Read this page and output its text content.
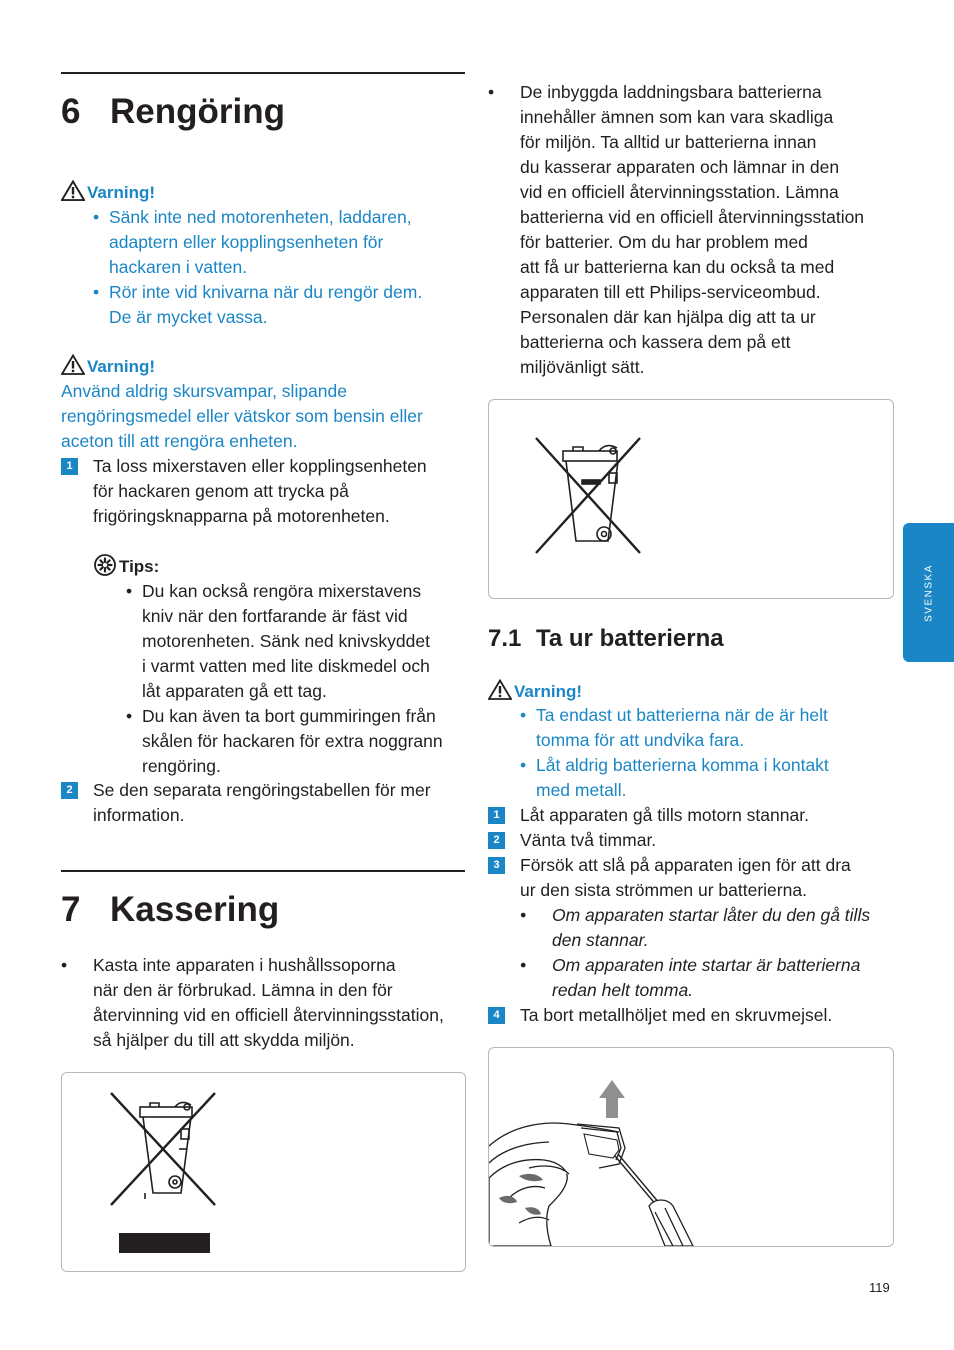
6 Rengöring
Varning!
• Sänk inte ned motorenheten, laddaren,
adaptern eller kopplingsenheten för
hackaren i vatten.
• Rör inte vid knivarna när du rengör dem.
De är mycket vassa.
Varning!
Använd aldrig skursvampar, slipande
rengöringsmedel eller vätskor som bensin eller
aceton till att rengöra enheten.
1	Ta loss mixerstaven eller kopplingsenheten
för hackaren genom att trycka på
frigöringsknapparna på motorenheten.
Tips:
• Du kan också rengöra mixerstavens
kniv när den fortfarande är fäst vid
motorenheten. Sänk ned knivskyddet
i varmt vatten med lite diskmedel och
låt apparaten gå ett tag.
• Du kan även ta bort gummiringen från
skålen för hackaren för extra noggrann
rengöring.
2	Se den separata rengöringstabellen för mer
information.
7 Kassering
• Kasta inte apparaten i hushållssoporna
när den är förbrukad. Lämna in den för
återvinning vid en officiell återvinningsstation,
så hjälper du till att skydda miljön.
• De inbyggda laddningsbara batterierna
innehåller ämnen som kan vara skadliga
för miljön. Ta alltid ur batterierna innan
du kasserar apparaten och lämnar in den
vid en officiell återvinningsstation. Lämna
batterierna vid en officiell återvinningsstation
för batterier. Om du har problem med
att få ur batterierna kan du också ta med
apparaten till ett Philips-serviceombud.
Personalen där kan hjälpa dig att ta ur
batterierna och kassera dem på ett
miljövänligt sätt.
7.1 Ta ur batterierna
Varning!
• Ta endast ut batterierna när de är helt
tomma för att undvika fara.
• Låt aldrig batterierna komma i kontakt
med metall.
1	Låt apparaten gå tills motorn stannar.
2	Vänta två timmar.
3	Försök att slå på apparaten igen för att dra
ur den sista strömmen ur batterierna.
• Om apparaten startar låter du den gå tills
den stannar.
• Om apparaten inte startar är batterierna
redan helt tomma.
4	Ta bort metallhöljet med en skruvmejsel.
SVENSKA
119
